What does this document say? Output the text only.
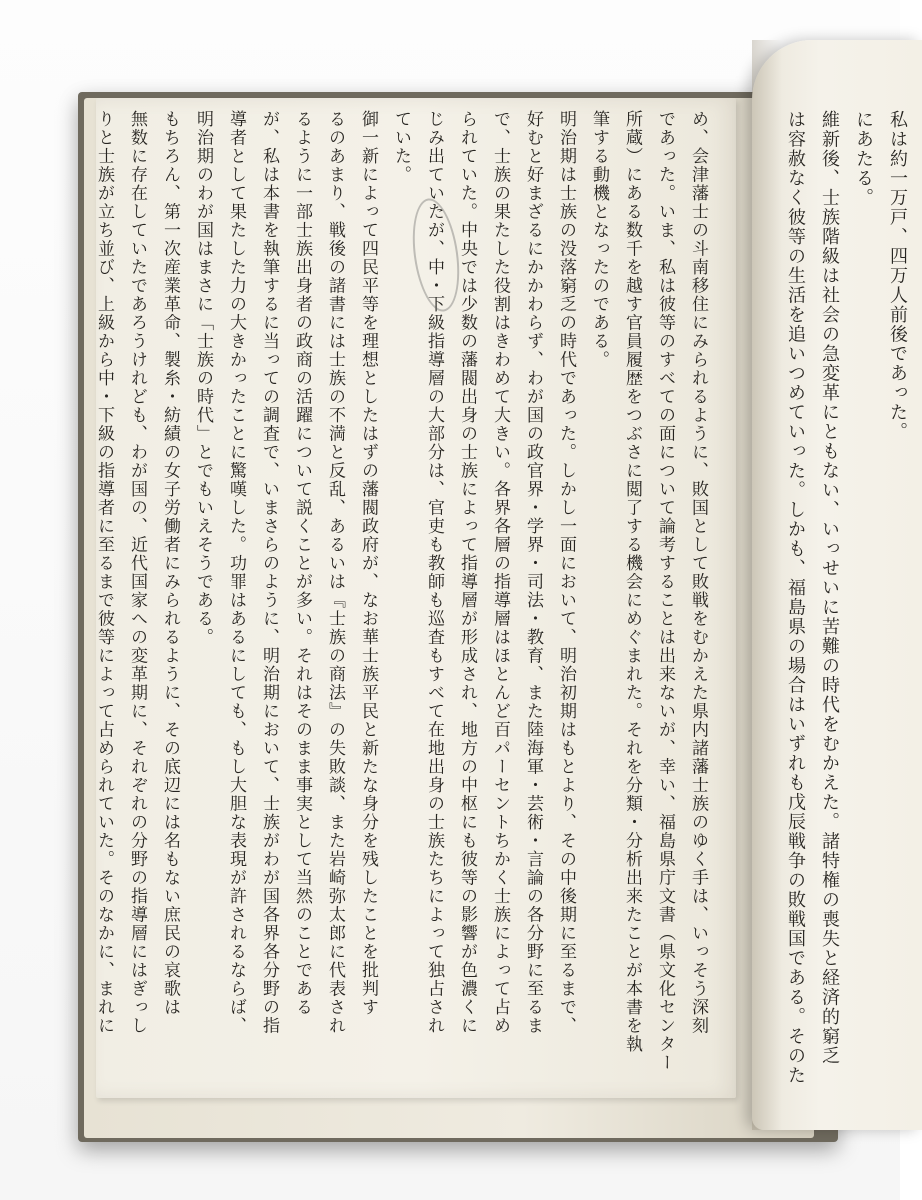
め、会津藩士の斗南移住にみられるように、敗国として敗戦をむかえた県内諸藩士族のゆく手は、いっそう深刻
であった。いま、私は彼等のすべての面について論考することは出来ないが、幸い、福島県庁文書（県文化センター
所蔵）にある数千を越す官員履歴をつぶさに閲了する機会にめぐまれた。それを分類・分析出来たことが本書を執
筆する動機となったのである。
明治期は士族の没落窮乏の時代であった。しかし一面において、明治初期はもとより、その中後期に至るまで、
好むと好まざるにかかわらず、わが国の政官界・学界・司法・教育、また陸海軍・芸術・言論の各分野に至るま
で、士族の果たした役割はきわめて大きい。各界各層の指導層はほとんど百パーセントちかく士族によって占め
られていた。中央では少数の藩閥出身の士族によって指導層が形成され、地方の中枢にも彼等の影響が色濃くに
じみ出ていたが、中・下級指導層の大部分は、官吏も教師も巡査もすべて在地出身の士族たちによって独占され
ていた。
御一新によって四民平等を理想としたはずの藩閥政府が、なお華士族平民と新たな身分を残したことを批判す
るのあまり、戦後の諸書には士族の不満と反乱、あるいは『士族の商法』の失敗談、また岩崎弥太郎に代表され
るように一部士族出身者の政商の活躍について説くことが多い。それはそのまま事実として当然のことである
が、私は本書を執筆するに当っての調査で、いまさらのように、明治期において、士族がわが国各界各分野の指
導者として果たした力の大きかったことに驚嘆した。功罪はあるにしても、もし大胆な表現が許されるならば、
明治期のわが国はまさに「士族の時代」とでもいえそうである。
もちろん、第一次産業革命、製糸・紡績の女子労働者にみられるように、その底辺には名もない庶民の哀歌は
無数に存在していたであろうけれども、わが国の、近代国家への変革期に、それぞれの分野の指導層にはぎっし
りと士族が立ち並び、上級から中・下級の指導者に至るまで彼等によって占められていた。そのなかに、まれに	私は約一万戸、四万人前後であった。
にあたる。
維新後、士族階級は社会の急変革にともない、いっせいに苦難の時代をむかえた。諸特権の喪失と経済的窮乏
は容赦なく彼等の生活を追いつめていった。しかも、福島県の場合はいずれも戊辰戦争の敗戦国である。そのた
